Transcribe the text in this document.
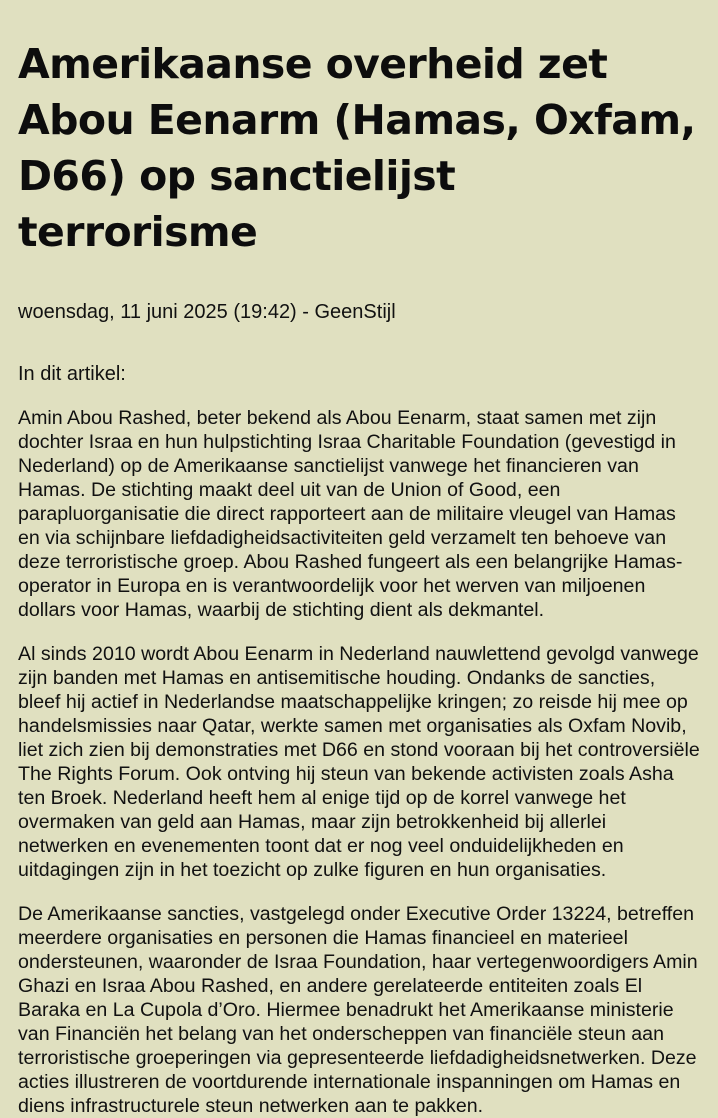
Amerikaanse overheid zet Abou Eenarm (Hamas, Oxfam, D66) op sanctielijst terrorisme
woensdag, 11 juni 2025 (19:42) - GeenStijl
In dit artikel:

Amin Abou Rashed, beter bekend als Abou Eenarm, staat samen met zijn dochter Israa en hun hulpstichting Israa Charitable Foundation (gevestigd in Nederland) op de Amerikaanse sanctielijst vanwege het financieren van Hamas. De stichting maakt deel uit van de Union of Good, een parapluorganisatie die direct rapporteert aan de militaire vleugel van Hamas en via schijnbare liefdadigheidsactiviteiten geld verzamelt ten behoeve van deze terroristische groep. Abou Rashed fungeert als een belangrijke Hamas-operator in Europa en is verantwoordelijk voor het werven van miljoenen dollars voor Hamas, waarbij de stichting dient als dekmantel.

Al sinds 2010 wordt Abou Eenarm in Nederland nauwlettend gevolgd vanwege zijn banden met Hamas en antisemitische houding. Ondanks de sancties, bleef hij actief in Nederlandse maatschappelijke kringen; zo reisde hij mee op handelsmissies naar Qatar, werkte samen met organisaties als Oxfam Novib, liet zich zien bij demonstraties met D66 en stond vooraan bij het controversiële The Rights Forum. Ook ontving hij steun van bekende activisten zoals Asha ten Broek. Nederland heeft hem al enige tijd op de korrel vanwege het overmaken van geld aan Hamas, maar zijn betrokkenheid bij allerlei netwerken en evenementen toont dat er nog veel onduidelijkheden en uitdagingen zijn in het toezicht op zulke figuren en hun organisaties.

De Amerikaanse sancties, vastgelegd onder Executive Order 13224, betreffen meerdere organisaties en personen die Hamas financieel en materieel ondersteunen, waaronder de Israa Foundation, haar vertegenwoordigers Amin Ghazi en Israa Abou Rashed, en andere gerelateerde entiteiten zoals El Baraka en La Cupola d’Oro. Hiermee benadrukt het Amerikaanse ministerie van Financiën het belang van het onderscheppen van financiële steun aan terroristische groeperingen via gepresenteerde liefdadigheidsnetwerken. Deze acties illustreren de voortdurende internationale inspanningen om Hamas en diens infrastructurele steun netwerken aan te pakken.
